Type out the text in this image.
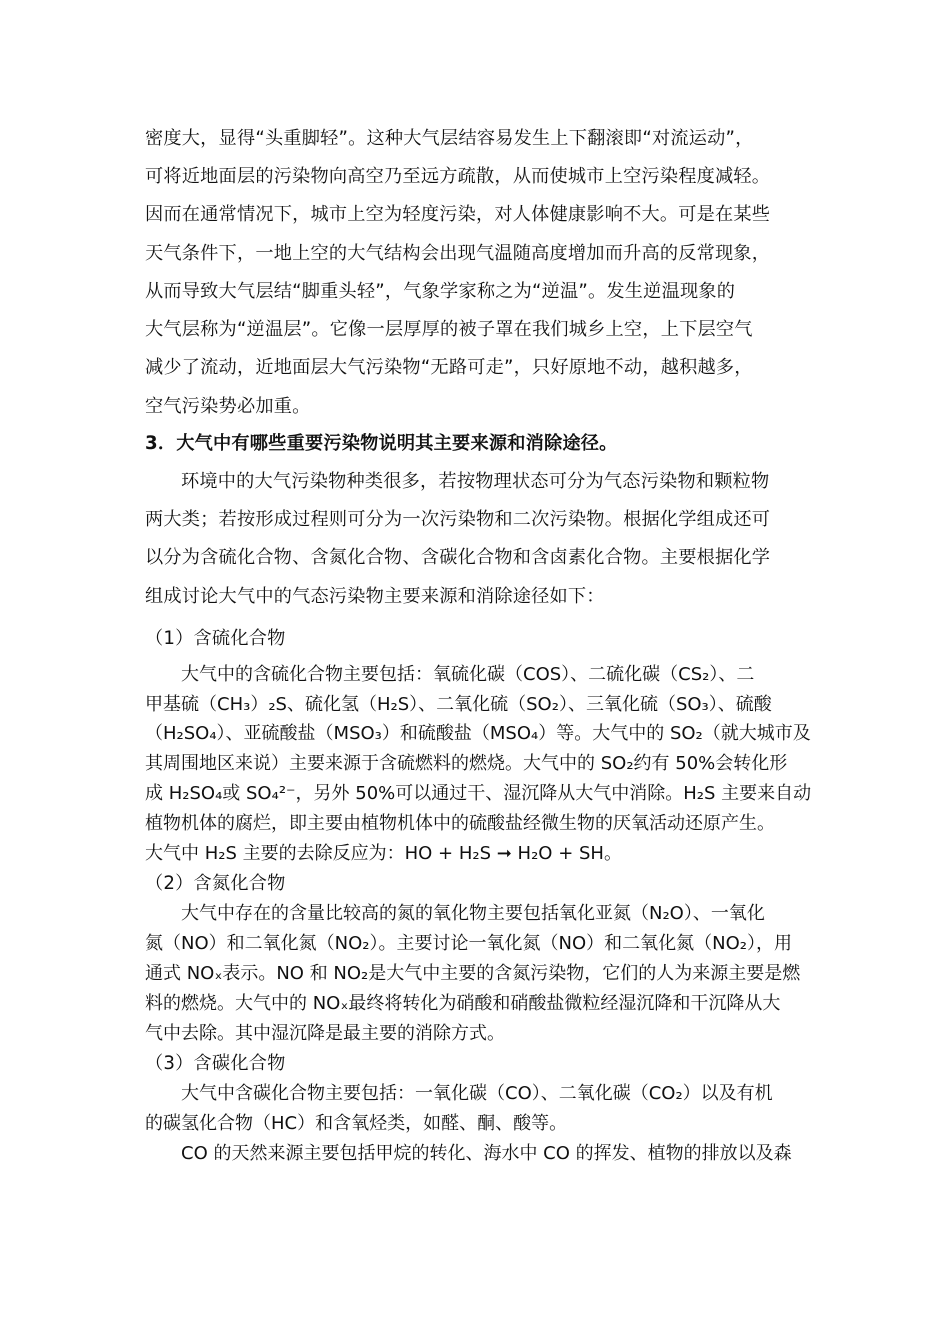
密度大，显得“头重脚轻”。这种大气层结容易发生上下翻滚即“对流运动”，
可将近地面层的污染物向高空乃至远方疏散，从而使城市上空污染程度减轻。
因而在通常情况下，城市上空为轻度污染，对人体健康影响不大。可是在某些
天气条件下，一地上空的大气结构会出现气温随高度增加而升高的反常现象，
从而导致大气层结“脚重头轻”，气象学家称之为“逆温”。发生逆温现象的
大气层称为“逆温层”。它像一层厚厚的被子罩在我们城乡上空，上下层空气
减少了流动，近地面层大气污染物“无路可走”，只好原地不动，越积越多，
空气污染势必加重。
3．大气中有哪些重要污染物说明其主要来源和消除途径。
环境中的大气污染物种类很多，若按物理状态可分为气态污染物和颗粒物
两大类；若按形成过程则可分为一次污染物和二次污染物。根据化学组成还可
以分为含硫化合物、含氮化合物、含碳化合物和含卤素化合物。主要根据化学
组成讨论大气中的气态污染物主要来源和消除途径如下：
（1）含硫化合物
大气中的含硫化合物主要包括：氧硫化碳（COS）、二硫化碳（CS₂）、二
甲基硫（CH₃）₂S、硫化氢（H₂S）、二氧化硫（SO₂）、三氧化硫（SO₃）、硫酸
（H₂SO₄）、亚硫酸盐（MSO₃）和硫酸盐（MSO₄）等。大气中的 SO₂（就大城市及
其周围地区来说）主要来源于含硫燃料的燃烧。大气中的 SO₂约有 50%会转化形
成 H₂SO₄或 SO₄²⁻，另外 50%可以通过干、湿沉降从大气中消除。H₂S 主要来自动
植物机体的腐烂，即主要由植物机体中的硫酸盐经微生物的厌氧活动还原产生。
大气中 H₂S 主要的去除反应为：HO + H₂S ➞ H₂O + SH。
（2）含氮化合物
大气中存在的含量比较高的氮的氧化物主要包括氧化亚氮（N₂O）、一氧化
氮（NO）和二氧化氮（NO₂）。主要讨论一氧化氮（NO）和二氧化氮（NO₂），用
通式 NOₓ表示。NO 和 NO₂是大气中主要的含氮污染物，它们的人为来源主要是燃
料的燃烧。大气中的 NOₓ最终将转化为硝酸和硝酸盐微粒经湿沉降和干沉降从大
气中去除。其中湿沉降是最主要的消除方式。
（3）含碳化合物
大气中含碳化合物主要包括：一氧化碳（CO）、二氧化碳（CO₂）以及有机
的碳氢化合物（HC）和含氧烃类，如醛、酮、酸等。
CO 的天然来源主要包括甲烷的转化、海水中 CO 的挥发、植物的排放以及森
